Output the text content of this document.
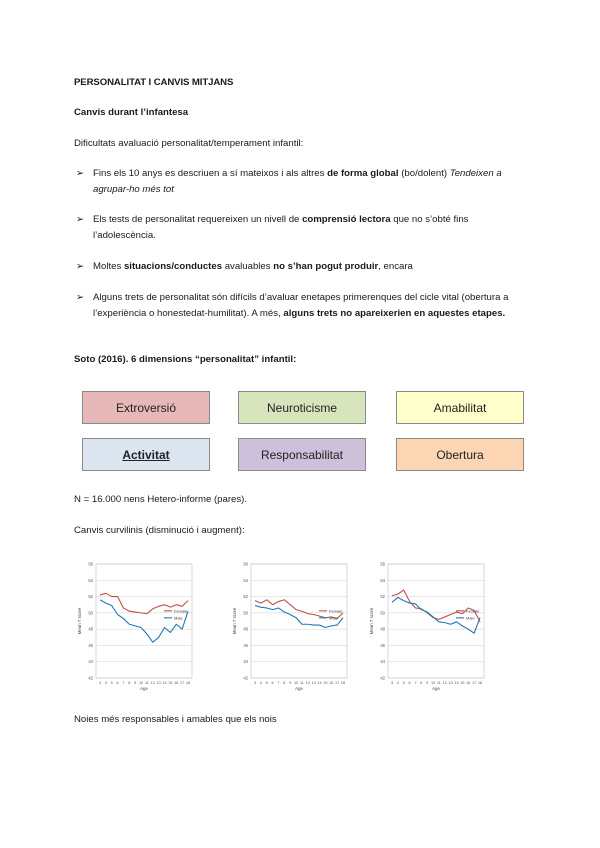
PERSONALITAT I CANVIS MITJANS
Canvis durant l’infantesa
Dificultats avaluació personalitat/temperament infantil:
➢ Fins els 10 anys es descriuen a sí mateixos i als altres de forma global (bo/dolent) Tendeixen a agrupar-ho més tot
➢ Els tests de personalitat requereixen un nivell de comprensió lectora que no s’obté fins l’adolescència.
➢ Moltes situacions/conductes avaluables no s’han pogut produir, encara
➢ Alguns trets de personalitat són difícils d’avaluar enetapes primerenques del cicle vital (obertura a l’experiència o honestedat-humilitat). A més, alguns trets no apareixerien en aquestes etapes.
Soto (2016). 6 dimensions “personalitat” infantil:
Extroversió	Neuroticisme	Amabilitat
Activitat	Responsabilitat	Obertura
N = 16.000 nens Hetero-informe (pares).
Canvis curvilinis (disminució i augment):
42
44
46
48
50
52
54
56
3 4 5 6 7 8 9 10 11 12 13 14 15 16 17 18
Age
Mean T score	Female
Male
42
44
46
48
50
52
54
56
3 4 5 6 7 8 9 10 11 12 13 14 15 16 17 18
Age
Mean T score	Female
Male
42
44
46
48
50
52
54
56
3 4 5 6 7 8 9 10 11 12 13 14 15 16 17 18
Age
Mean T score	Female
Male
Noies més responsables i amables que els nois
